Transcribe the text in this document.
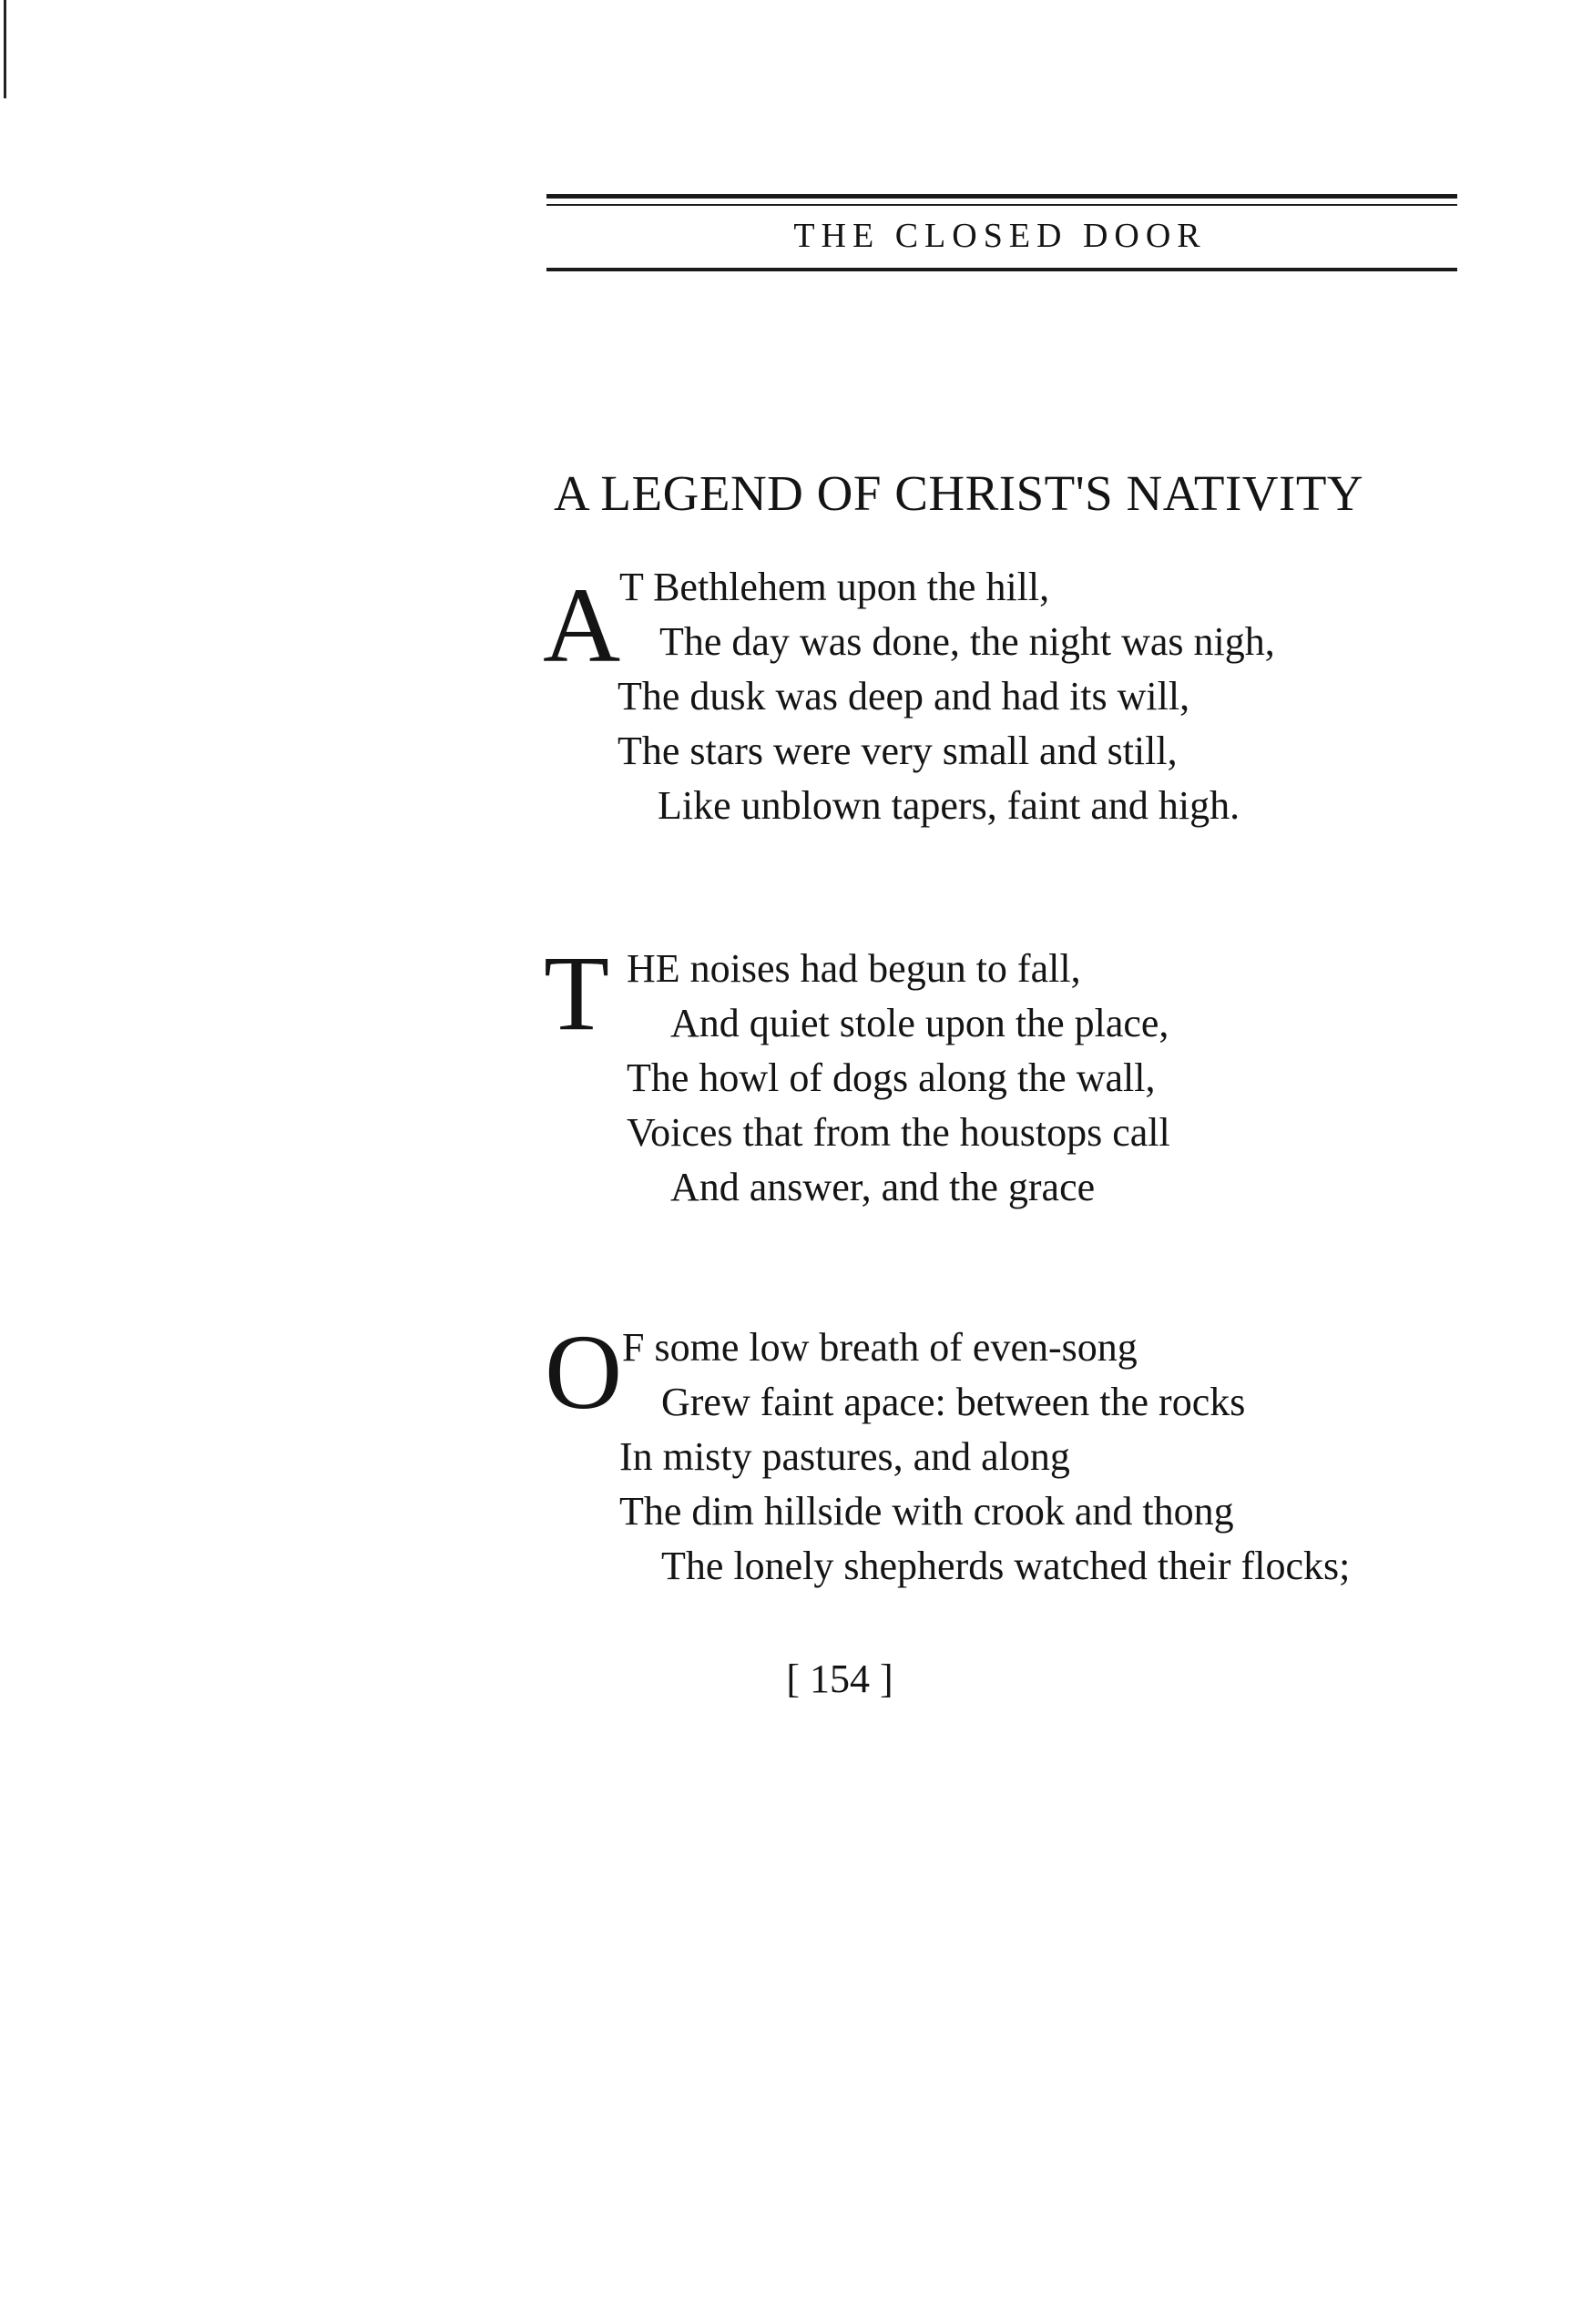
THE CLOSED DOOR
A LEGEND OF CHRIST'S NATIVITY
A
T Bethlehem upon the hill,
The day was done, the night was nigh,
The dusk was deep and had its will,
The stars were very small and still,
Like unblown tapers, faint and high.
T HE noises had begun to fall,
And quiet stole upon the place,
The howl of dogs along the wall,
Voices that from the houstops call
And answer, and the grace
O F some low breath of even-song
Grew faint apace: between the rocks
In misty pastures, and along
The dim hillside with crook and thong
The lonely shepherds watched their flocks;
[ 154 ]
